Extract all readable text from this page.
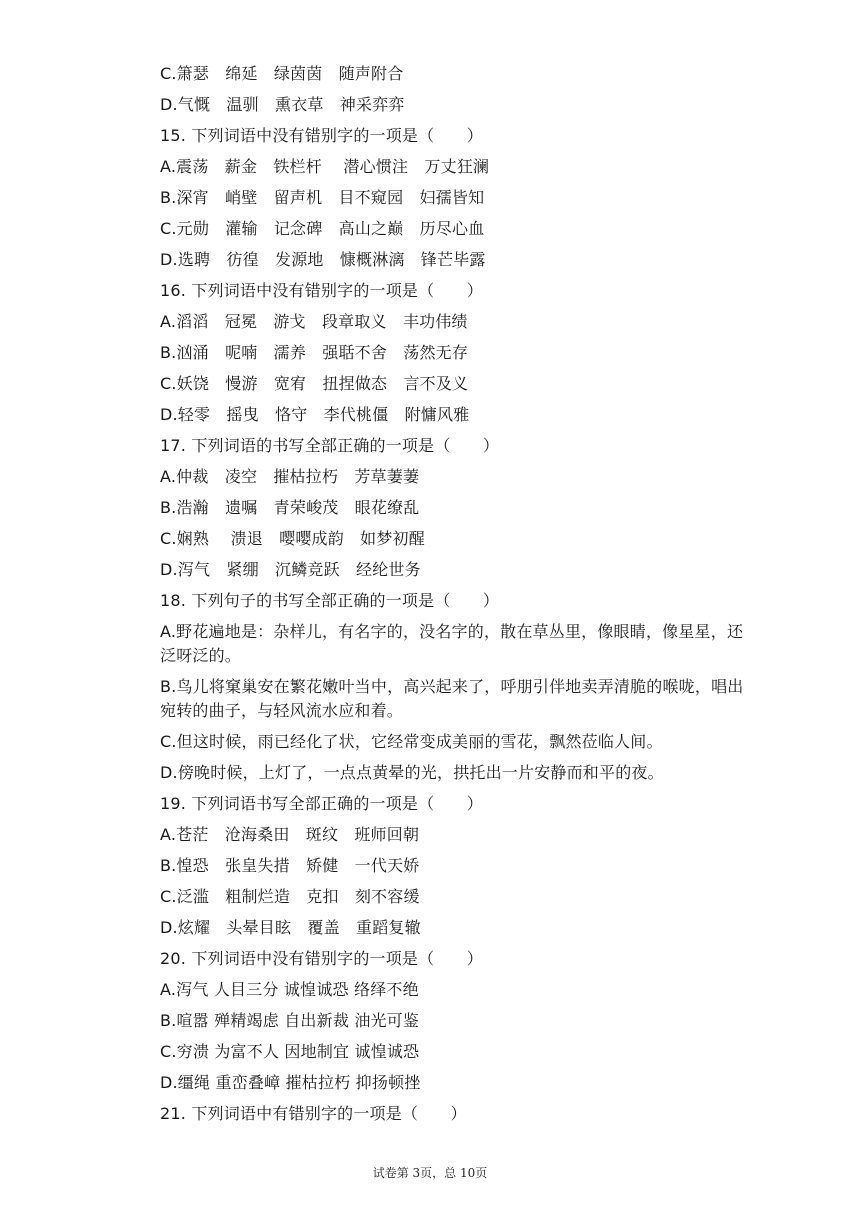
C.箫瑟　绵延　绿茵茵　随声附合
D.气慨　温驯　熏衣草　神采弈弈
15. 下列词语中没有错别字的一项是（　　）
A.震荡　薪金　铁栏杆　 潜心惯注　万丈狂澜
B.深宵　峭壁　留声机　目不窥园　妇孺皆知
C.元勋　灌输　记念碑　高山之巅　历尽心血
D.选聘　彷徨　发源地　慷概淋漓　锋芒毕露
16. 下列词语中没有错别字的一项是（　　）
A.滔滔　冠冕　游戈　段章取义　丰功伟绩
B.汹涌　呢喃　濡养　强聒不舍　荡然无存
C.妖饶　慢游　宽宥　扭捏做态　言不及义
D.轻零　摇曳　恪守　李代桃僵　附慵风雅
17. 下列词语的书写全部正确的一项是（　　）
A.仲裁　凌空　摧枯拉朽　芳草萋萋
B.浩瀚　遗嘱　青荣峻茂　眼花缭乱
C.娴熟　 溃退　嘤嘤成韵　如梦初醒
D.泻气　紧绷　沉鳞竞跃　经纶世务
18. 下列句子的书写全部正确的一项是（　　）
A.野花遍地是：杂样儿，有名字的，没名字的，散在草丛里，像眼睛，像星星，还泛呀泛的。
B.鸟儿将窠巢安在繁花嫩叶当中，高兴起来了，呼朋引伴地卖弄清脆的喉咙，唱出宛转的曲子，与轻风流水应和着。
C.但这时候，雨已经化了状，它经常变成美丽的雪花，飘然莅临人间。
D.傍晚时候，上灯了，一点点黄晕的光，拱托出一片安静而和平的夜。
19. 下列词语书写全部正确的一项是（　　）
A.苍茫　沧海桑田　斑纹　班师回朝
B.惶恐　张皇失措　矫健　一代天娇
C.泛滥　粗制烂造　克扣　刻不容缓
D.炫耀　头晕目眩　覆盖　重蹈复辙
20. 下列词语中没有错别字的一项是（　　）
A.泻气 人目三分 诚惶诚恐 络绎不绝
B.喧嚣 殚精竭虑 自出新裁 油光可鉴
C.穷溃 为富不人 因地制宜 诚惶诚恐
D.缰绳 重峦叠嶂 摧枯拉朽 抑扬顿挫
21. 下列词语中有错别字的一项是（　　）
试卷第 3页，总 10页
